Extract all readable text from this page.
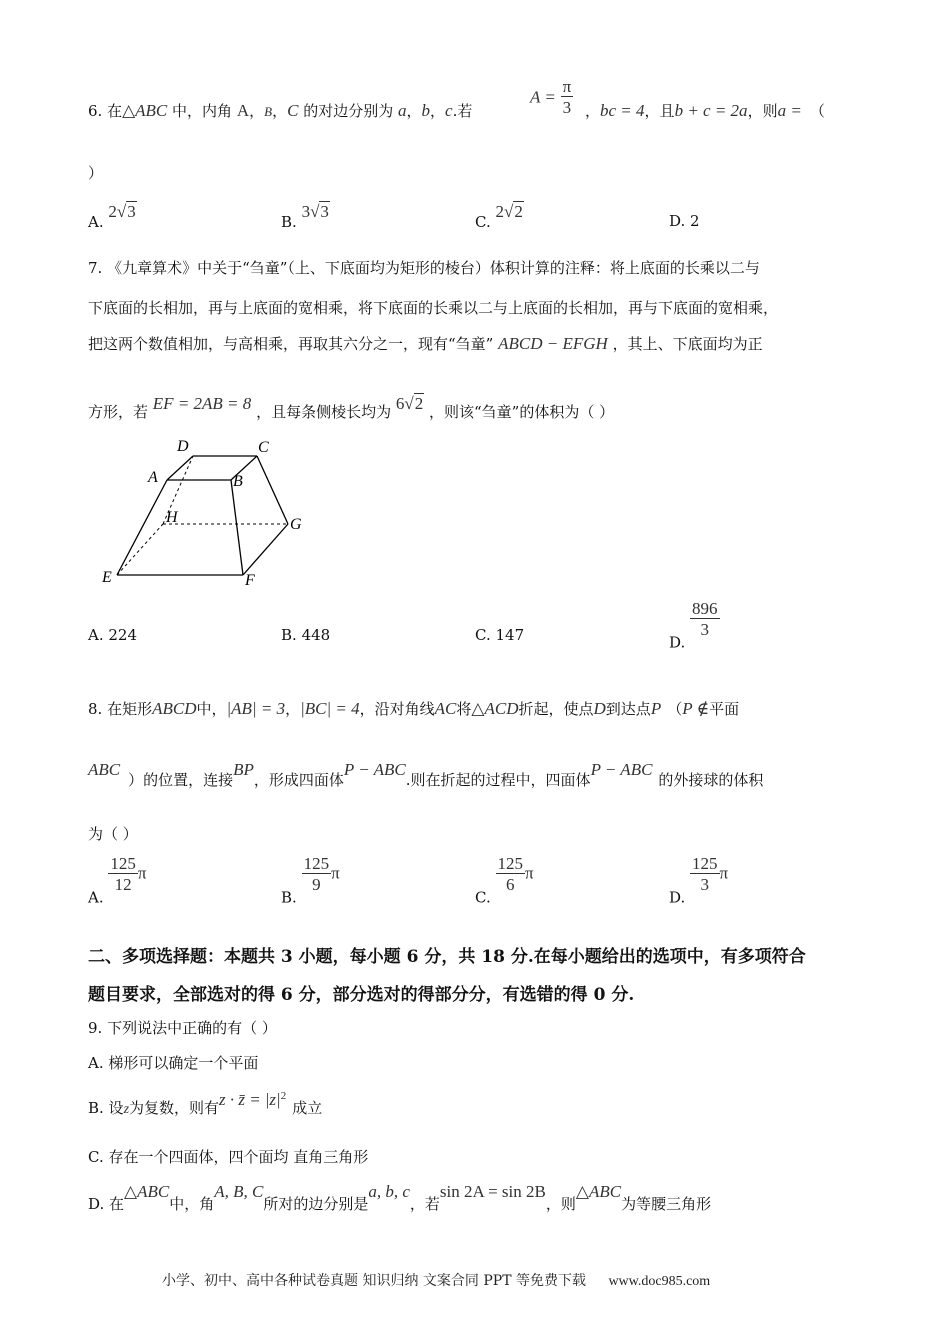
6. 在△ABC 中，内角 A，B，C 的对边分别为 a，b，c.若
$A = \frac{\pi}{3}$ ，bc = 4，且b + c = 2a，则a = （
）
A. 2√3
B. 3√3
C. 2√2	D. 2
7. 《九章算术》中关于“刍童”（上、下底面均为矩形的棱台）体积计算的注释：将上底面的长乘以二与
下底面的长相加，再与上底面的宽相乘，将下底面的长乘以二与上底面的长相加，再与下底面的宽相乘，
把这两个数值相加，与高相乘，再取其六分之一，现有“刍童” ABCD − EFGH ，其上、下底面均为正
方形，若 EF = 2AB = 8 ，且每条侧棱长均为 6√2 ，则该“刍童”的体积为（ ）
D	C
A	B
H	G
E	F
A. 224	B. 448	C. 147	D.
$\frac{896}{3}$
8. 在矩形ABCD中，|AB| = 3，|BC| = 4，沿对角线AC将△ACD折起，使点D到达点P （P ∉平面
ABC）的位置，连接BP，形成四面体P − ABC.则在折起的过程中，四面体P − ABC的外接球的体积
为（ ）
A.
$\frac{125}{12}$ π
B.
$\frac{125}{9}$ π
C.
$\frac{125}{6}$ π
D.
$\frac{125}{3}$ π
二、多项选择题：本题共 3 小题，每小题 6 分，共 18 分.在每小题给出的选项中，有多项符合
题目要求，全部选对的得 6 分，部分选对的得部分分，有选错的得 0 分.
9. 下列说法中正确的有（ ）
A. 梯形可以确定一个平面
B. 设z为复数，则有z · z̄ = $|z|^2$成立
C. 存在一个四面体，四个面均 直角三角形
D. 在△ABC中，角A, B, C所对的边分别是a, b, c，若sin 2A = sin 2B，则△ABC为等腰三角形
小学、初中、高中各种试卷真题 知识归纳 文案合同 PPT 等免费下载 www.doc985.com
